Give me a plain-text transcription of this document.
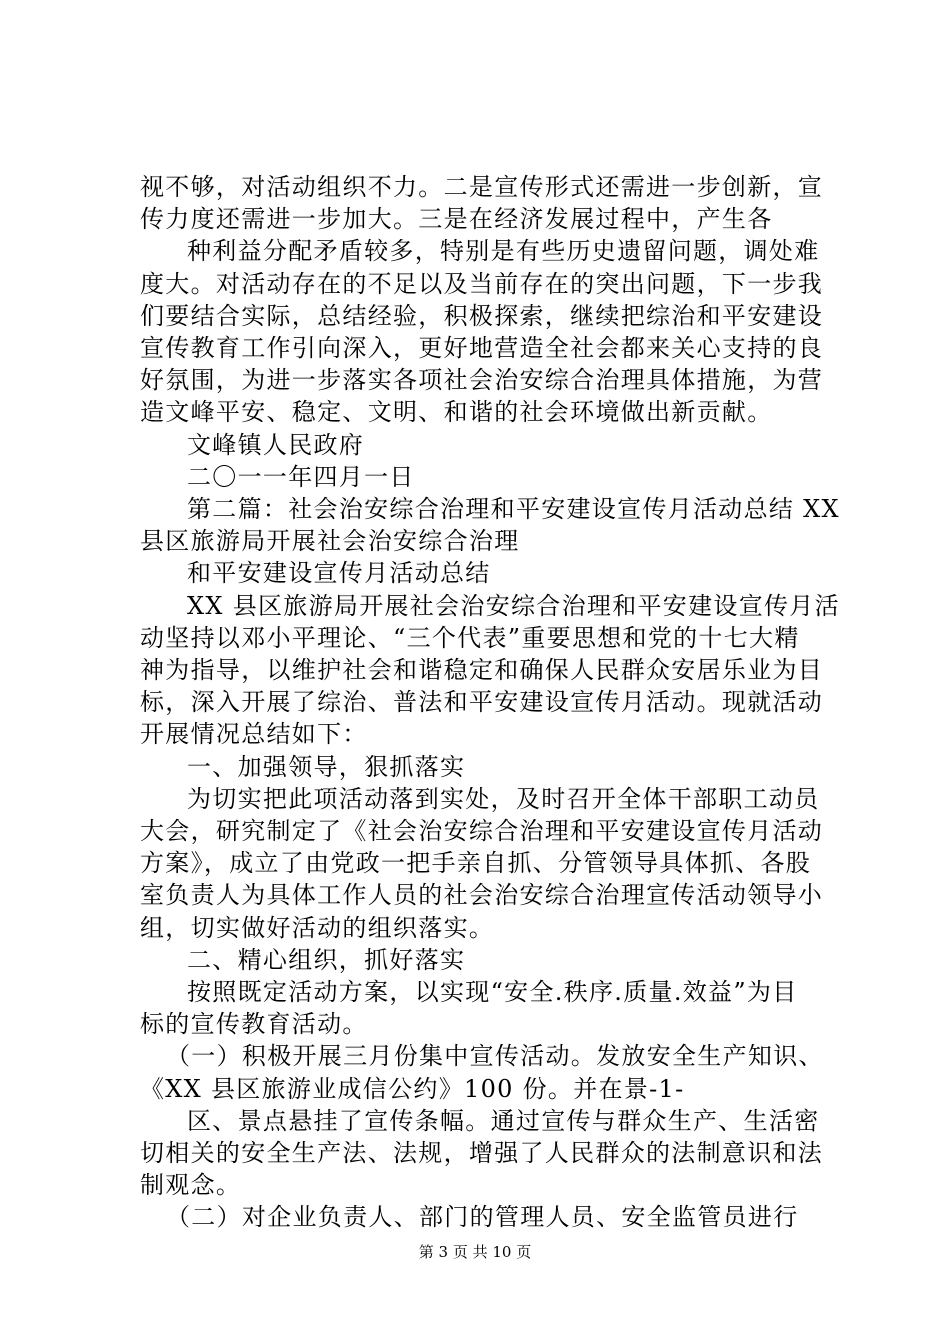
视不够，对活动组织不力。二是宣传形式还需进一步创新，宣
传力度还需进一步加大。三是在经济发展过程中，产生各
种利益分配矛盾较多，特别是有些历史遗留问题，调处难
度大。对活动存在的不足以及当前存在的突出问题，下一步我
们要结合实际，总结经验，积极探索，继续把综治和平安建设
宣传教育工作引向深入，更好地营造全社会都来关心支持的良
好氛围，为进一步落实各项社会治安综合治理具体措施，为营
造文峰平安、稳定、文明、和谐的社会环境做出新贡献。
文峰镇人民政府
二〇一一年四月一日
第二篇：社会治安综合治理和平安建设宣传月活动总结 XX
县区旅游局开展社会治安综合治理
和平安建设宣传月活动总结
XX 县区旅游局开展社会治安综合治理和平安建设宣传月活
动坚持以邓小平理论、“三个代表”重要思想和党的十七大精
神为指导，以维护社会和谐稳定和确保人民群众安居乐业为目
标，深入开展了综治、普法和平安建设宣传月活动。现就活动
开展情况总结如下：
一、加强领导，狠抓落实
为切实把此项活动落到实处，及时召开全体干部职工动员
大会，研究制定了《社会治安综合治理和平安建设宣传月活动
方案》，成立了由党政一把手亲自抓、分管领导具体抓、各股
室负责人为具体工作人员的社会治安综合治理宣传活动领导小
组，切实做好活动的组织落实。
二、精心组织，抓好落实
按照既定活动方案，以实现“安全.秩序.质量.效益”为目
标的宣传教育活动。
（一）积极开展三月份集中宣传活动。发放安全生产知识、
《XX 县区旅游业成信公约》100 份。并在景-1-
区、景点悬挂了宣传条幅。通过宣传与群众生产、生活密
切相关的安全生产法、法规，增强了人民群众的法制意识和法
制观念。
（二）对企业负责人、部门的管理人员、安全监管员进行
第 3 页 共 10 页
